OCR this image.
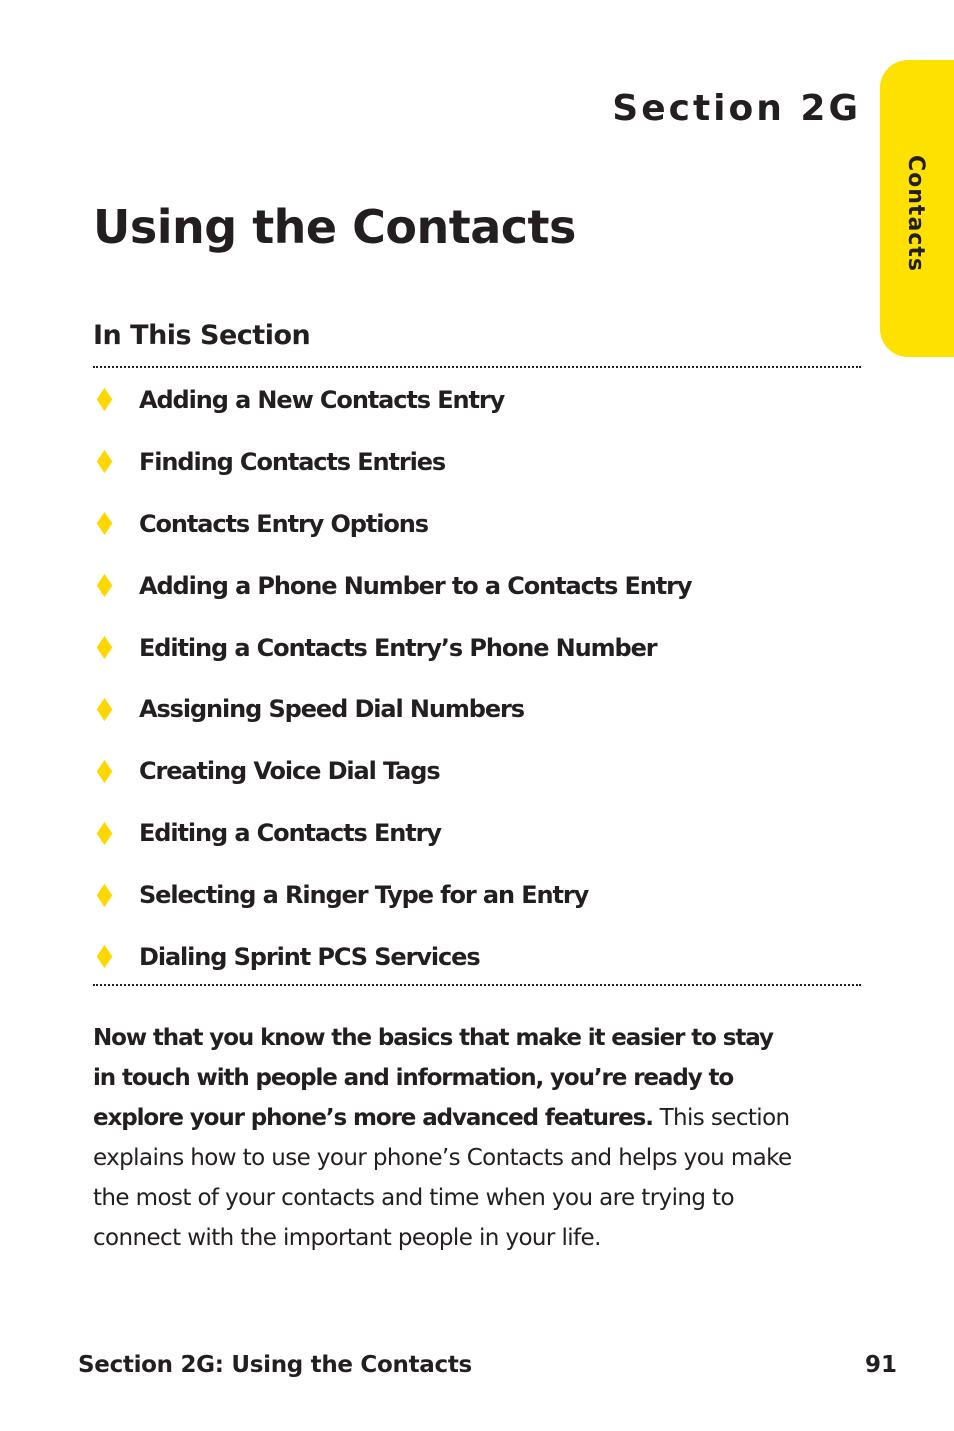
Section 2G
Contacts
Using the Contacts
In This Section
Adding a New Contacts Entry
Finding Contacts Entries
Contacts Entry Options
Adding a Phone Number to a Contacts Entry
Editing a Contacts Entry’s Phone Number
Assigning Speed Dial Numbers
Creating Voice Dial Tags
Editing a Contacts Entry
Selecting a Ringer Type for an Entry
Dialing Sprint PCS Services

Now that you know the basics that make it easier to stay in touch with people and information, you’re ready to explore your phone’s more advanced features. This section explains how to use your phone’s Contacts and helps you make the most of your contacts and time when you are trying to connect with the important people in your life.

Section 2G: Using the Contacts	91
